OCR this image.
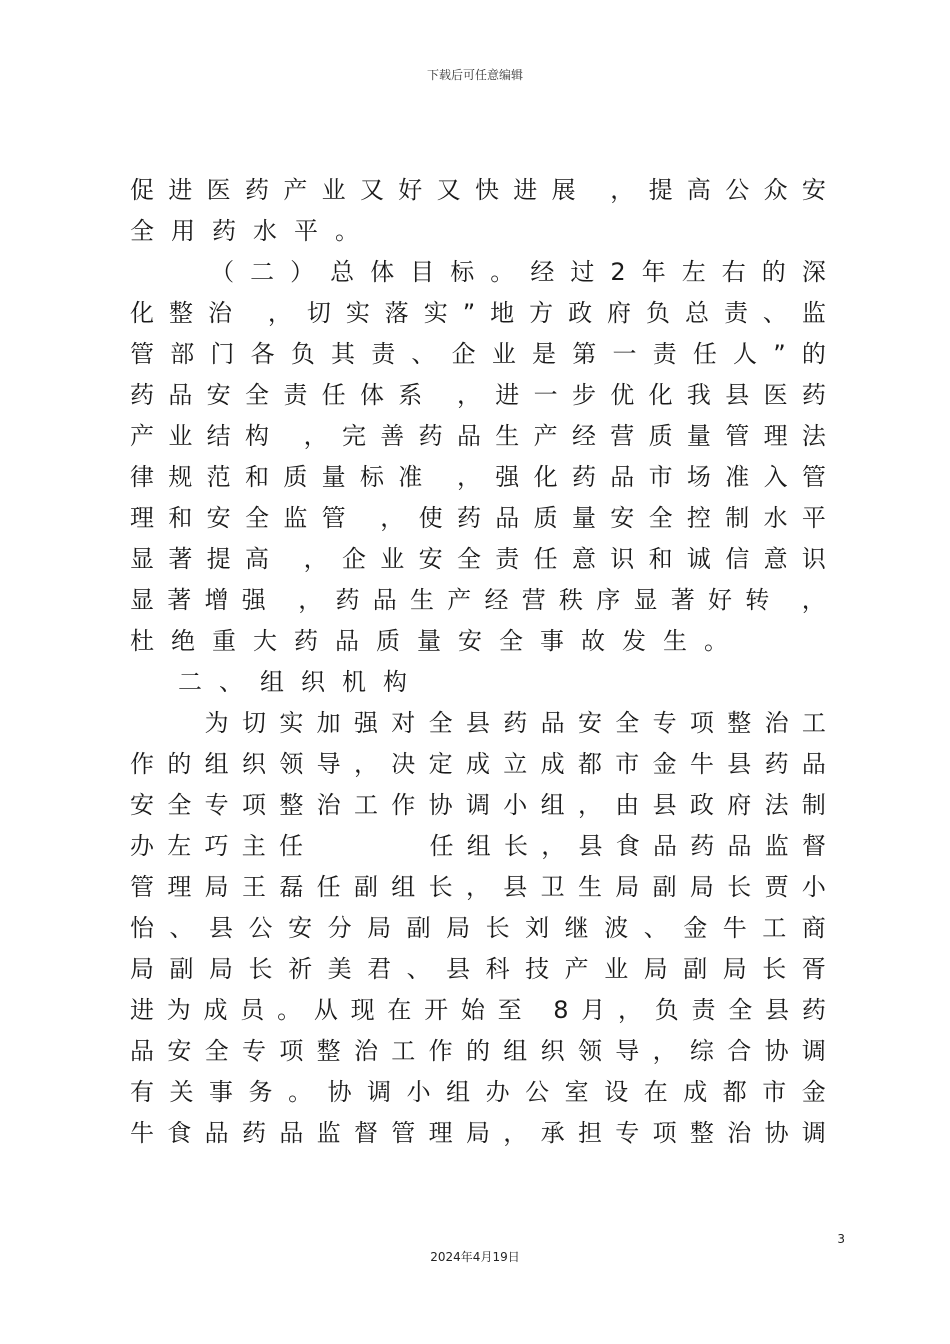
下载后可任意编辑
促 进 医 药 产 业 又 好 又 快 进 展
， 提 高 公 众 安
全 用 药 水 平 。

（ 二 ） 总 体 目 标 。 经 过 2 年 左 右 的 深
化 整 治
， 切 实 落 实 ” 地 方 政 府 负 总 责 、 监
管 部 门 各 负 其 责 、 企 业 是 第 一 责 任 人 ” 的
药 品 安 全 责 任 体 系
， 进 一 步 优 化 我 县 医 药
产 业 结 构
， 完 善 药 品 生 产 经 营 质 量 管 理 法
律 规 范 和 质 量 标 准
， 强 化 药 品 市 场 准 入 管
理 和 安 全 监 管
， 使 药 品 质 量 安 全 控 制 水 平
显 著 提 高
， 企 业 安 全 责 任 意 识 和 诚 信 意 识
显 著 增 强
， 药 品 生 产 经 营 秩 序 显 著 好 转
，
杜 绝 重 大 药 品 质 量 安 全 事 故 发 生 。

二 、 组 织 机 构

为 切 实 加 强 对 全 县 药 品 安 全 专 项 整 治 工
作 的 组 织 领 导 ， 决 定 成 立 成 都 市 金 牛 县 药 品
安 全 专 项 整 治 工 作 协 调 小 组 ， 由 县 政 府 法 制
办 左 巧 主 任
	任 组 长 ， 县 食 品 药 品 监 督
管 理 局 王 磊 任 副 组 长 ， 县 卫 生 局 副 局 长 贾 小
怡 、 县 公 安 分 局 副 局 长 刘 继 波 、 金 牛 工 商
局 副 局 长 祈 美 君 、 县 科 技 产 业 局 副 局 长 胥
进 为 成 员 。 从 现 在 开 始 至
8 月 ， 负 责 全 县 药
品 安 全 专 项 整 治 工 作 的 组 织 领 导 ， 综 合 协 调
有 关 事 务 。 协 调 小 组 办 公 室 设 在 成 都 市 金
牛 食 品 药 品 监 督 管 理 局 ， 承 担 专 项 整 治 协 调
3
2024年4月19日
